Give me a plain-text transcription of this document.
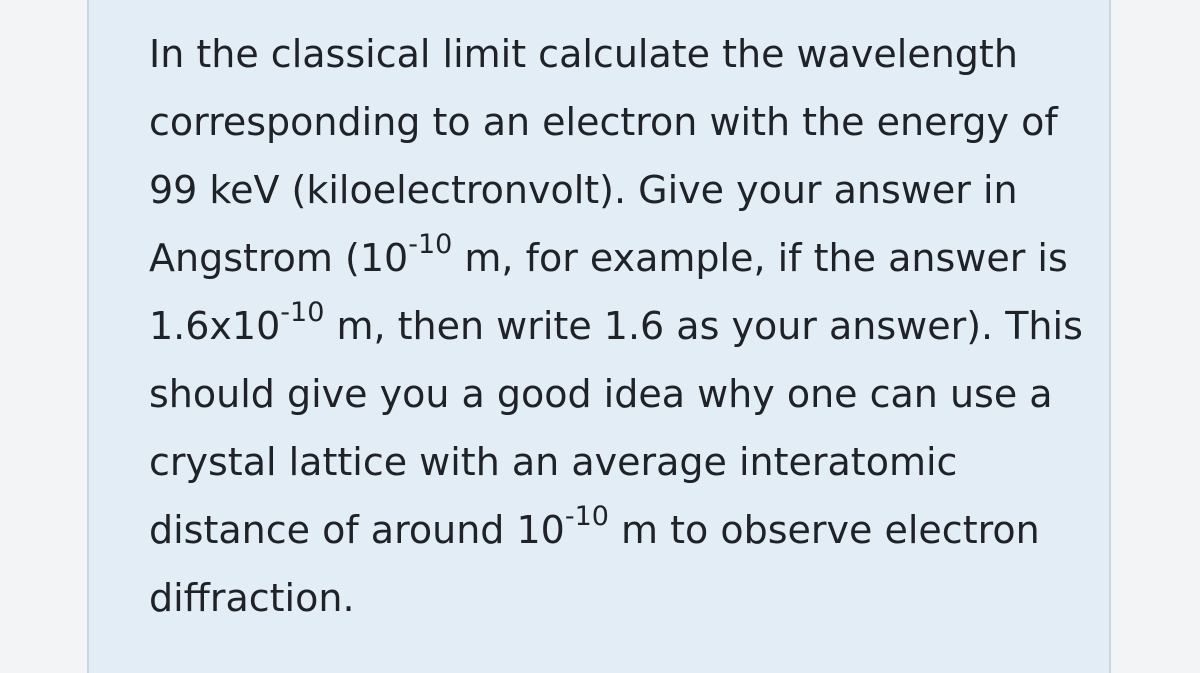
In the classical limit calculate the wavelength corresponding to an electron with the energy of 99 keV (kiloelectronvolt). Give your answer in Angstrom ($10^{-10}$ m, for example, if the answer is $1.6x10^{-10}$ m, then write 1.6 as your answer). This should give you a good idea why one can use a crystal lattice with an average interatomic distance of around $10^{-10}$ m to observe electron diffraction.
